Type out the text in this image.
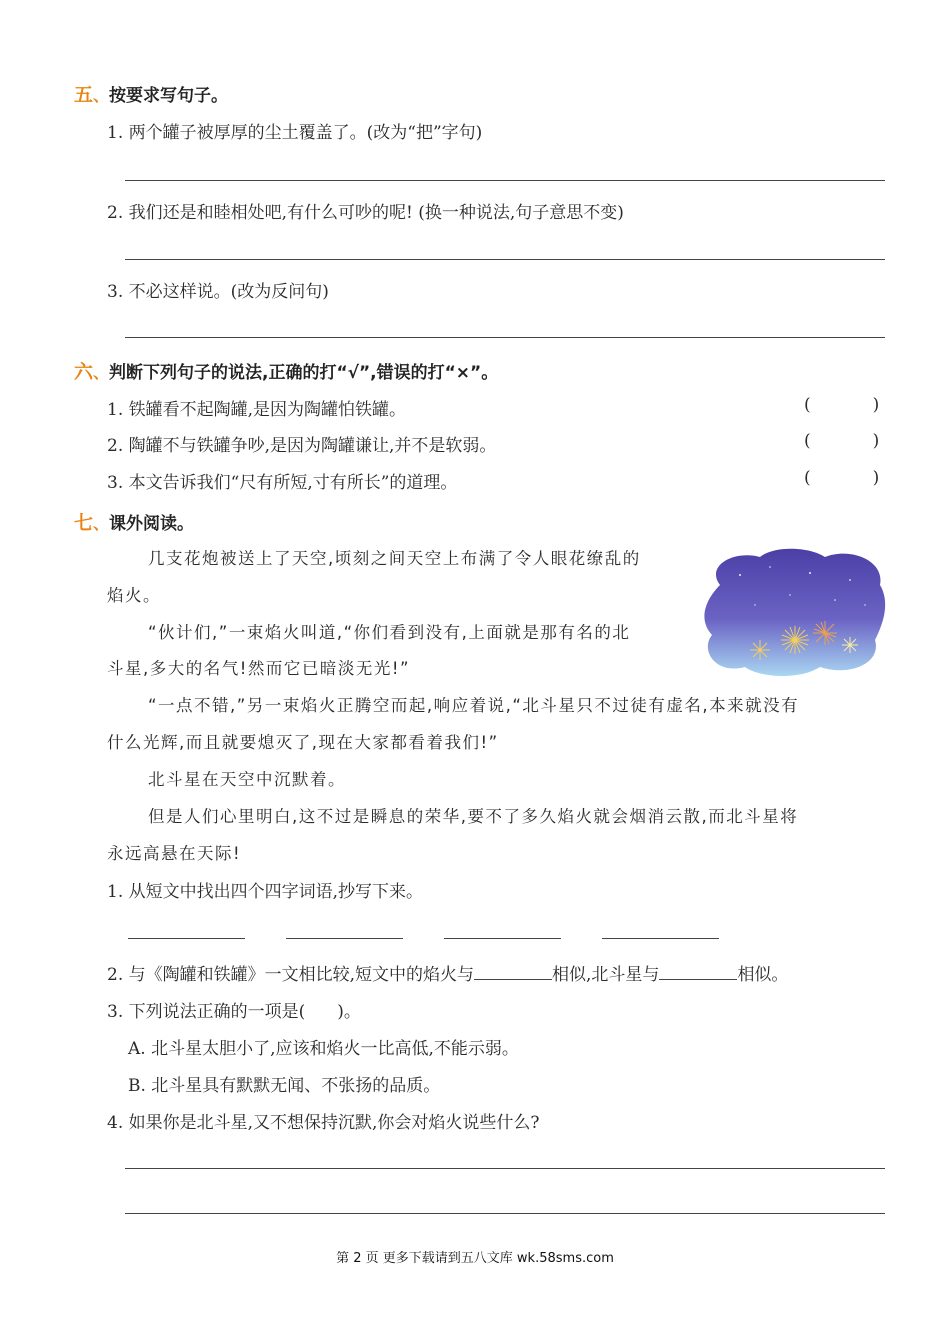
五、按要求写句子。
1. 两个罐子被厚厚的尘土覆盖了。(改为“把”字句)
2. 我们还是和睦相处吧,有什么可吵的呢! (换一种说法,句子意思不变)
3. 不必这样说。(改为反问句)
六、判断下列句子的说法,正确的打“√”,错误的打“×”。
1. 铁罐看不起陶罐,是因为陶罐怕铁罐。	(	)
2. 陶罐不与铁罐争吵,是因为陶罐谦让,并不是软弱。	(	)
3. 本文告诉我们“尺有所短,寸有所长”的道理。	(	)
七、课外阅读。
几支花炮被送上了天空,顷刻之间天空上布满了令人眼花缭乱的
焰火。
“伙计们,”一束焰火叫道,“你们看到没有,上面就是那有名的北
斗星,多大的名气!然而它已暗淡无光!”
“一点不错,”另一束焰火正腾空而起,响应着说,“北斗星只不过徒有虚名,本来就没有
什么光辉,而且就要熄灭了,现在大家都看着我们!”
北斗星在天空中沉默着。
但是人们心里明白,这不过是瞬息的荣华,要不了多久焰火就会烟消云散,而北斗星将
永远高悬在天际!
1. 从短文中找出四个四字词语,抄写下来。
2. 与《陶罐和铁罐》一文相比较,短文中的焰火与	相似,北斗星与	相似。
3. 下列说法正确的一项是( )。
A. 北斗星太胆小了,应该和焰火一比高低,不能示弱。
B. 北斗星具有默默无闻、不张扬的品质。
4. 如果你是北斗星,又不想保持沉默,你会对焰火说些什么?
第 2 页 更多下载请到五八文库 wk.58sms.com
